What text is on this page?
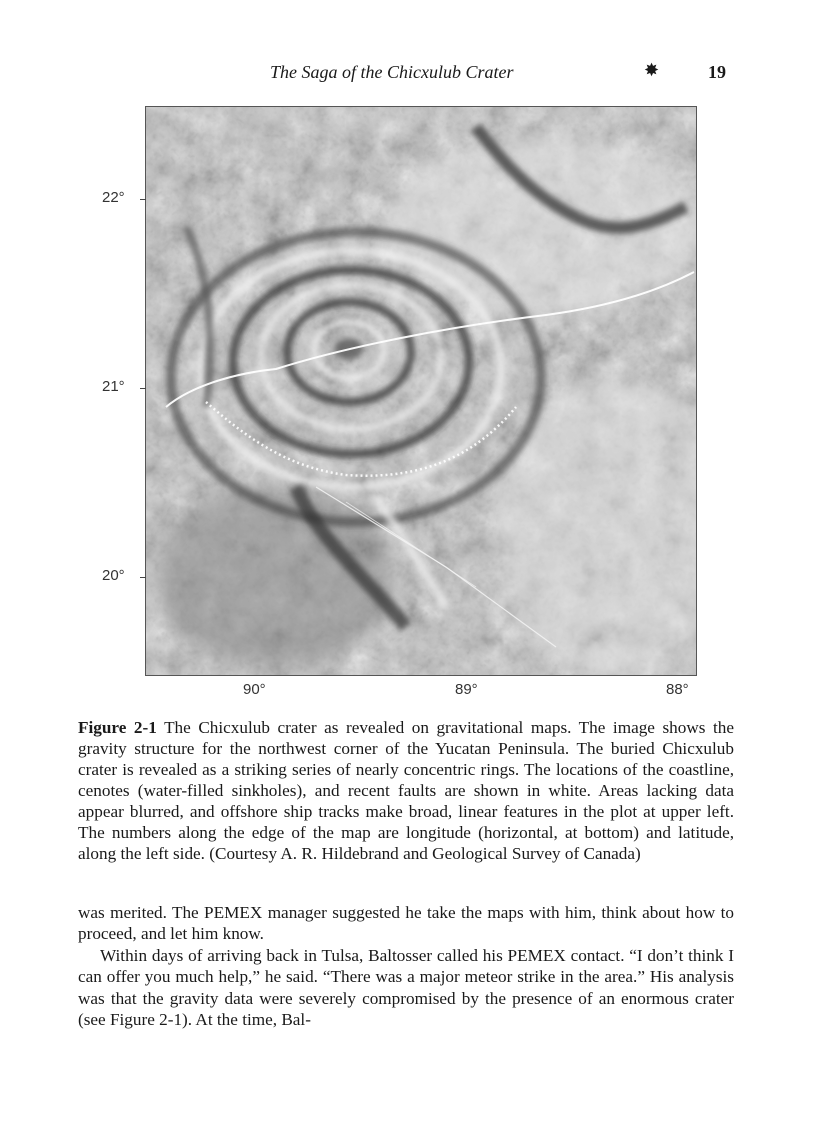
The Saga of the Chicxulub Crater	✸	19
22°
21°
20°
90°	89°	88°
Figure 2-1 The Chicxulub crater as revealed on gravitational maps. The image shows the gravity structure for the northwest corner of the Yucatan Peninsula. The buried Chicxulub crater is revealed as a striking series of nearly concentric rings. The locations of the coastline, cenotes (water-filled sinkholes), and recent faults are shown in white. Areas lacking data appear blurred, and offshore ship tracks make broad, linear features in the plot at upper left. The numbers along the edge of the map are longitude (horizontal, at bottom) and latitude, along the left side. (Courtesy A. R. Hildebrand and Geological Survey of Canada)

was merited. The PEMEX manager suggested he take the maps with him, think about how to proceed, and let him know.

Within days of arriving back in Tulsa, Baltosser called his PEMEX contact. “I don’t think I can offer you much help,” he said. “There was a major meteor strike in the area.” His analysis was that the gravity data were severely compromised by the presence of an enormous crater (see Figure 2-1). At the time, Bal-
